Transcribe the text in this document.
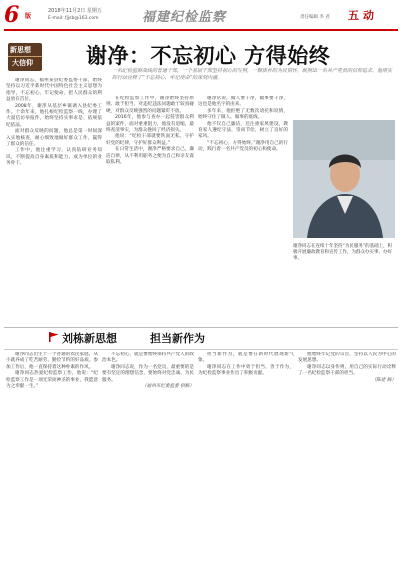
6 版
2018年11月2日 星期五
E-mail: fjjsb@163.com	福建纪检监察	责任编辑 李 君 五动
新思想
大信仰	谢净：不忘初心 方得始终
一名纪检监察战线的普通干部，一个基层干部坚持初心的写照，一颗质朴的为民情怀，映照出一名共产党员的信仰追求。他用实际行动诠释了“不忘初心、牢记使命”的深刻内涵。

谢净同志，福州某县纪委监委干部，始终坚持以习近平新时代中国特色社会主义思想为指导，不忘初心、牢记使命，把人民群众的利益放在首位。

2008年，谢净从基层乡镇调入县纪委工作。十余年来，他扎根纪检监察一线，办理了大量信访举报件，始终坚持实事求是、依规依纪依法。

面对群众反映的问题，他总是第一时间深入实地核查，耐心细致地做好群众工作，赢得了群众的信任。

工作中，他注重学习，认真钻研业务知识，不断提高自身素质和能力，成为单位的业务骨干。

在纪检监察工作中，谢净始终坚持原则、敢于担当，对违纪违法问题敢于较真碰硬，对群众反映强烈的问题紧盯不放。

2016年，他参与查办一起侵害群众利益的案件，面对重重阻力，他没有退缩，最终查清事实，为群众挽回了经济损失。

他说：“纪检干部就要铁面无私，守护好党的纪律，守护好群众利益。”

在日常生活中，谢净严格要求自己，廉洁自律，从不利用职务之便为自己和亲友谋取私利。

谢净常说，做人要干净，做事要干净，这也是他名字的由来。

多年来，他拒绝了无数次请托和说情，始终守住了做人、做事的底线。

他不仅自己廉洁，还注重家风建设，教育家人遵纪守法，崇尚节俭，树立了良好的家风。

“不忘初心，方得始终。”谢净用自己的行动，践行着一名共产党员的初心和使命。

谢净同志在连续十年坚持“为民服务”的基础上，积极开展廉政教育和宣传工作，为群众办实事、办好事。
刘栋新思想	担当新作为

谢净同志出生于一个普通的农民家庭，从小就养成了吃苦耐劳、勤俭节约的好品质。参加工作后，他一直保持着这种朴素的作风。

谢净同志热爱纪检监察工作，他说：“纪检监察工作是一项光荣而神圣的事业，我愿意为之奉献一生。”

不忘初心，就是要始终保持共产党人的政治本色。

谢净同志说，作为一名党员，最重要的是要有坚定的理想信念，要始终对党忠诚、为民服务。

（福州市纪委监委 供稿）

担当新作为，就是要在新时代展现新气象。

谢净同志在工作中勇于担当、善于作为，为纪检监察事业作出了积极贡献。

他始终牢记党的宗旨，坚持以人民为中心的发展思想。

谢净同志以身作则，用自己的实际行动诠释了一名纪检监察干部的担当。

（陈建 摘）
